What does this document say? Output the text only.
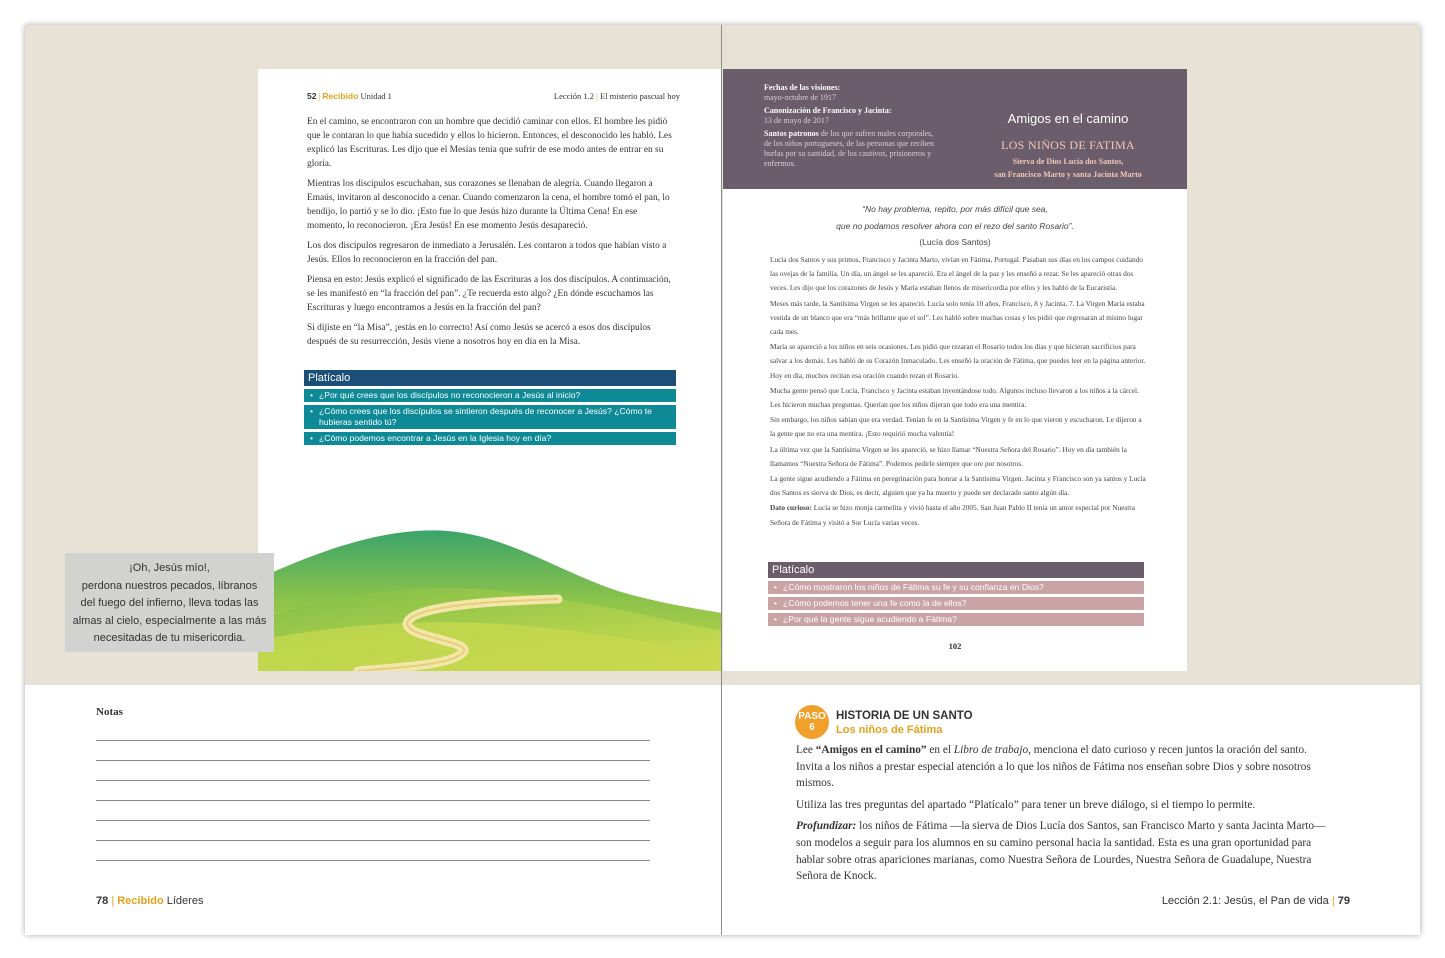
52 | Recibido Unidad 1	Lección 1.2 | El misterio pascual hoy

En el camino, se encontraron con un hombre que decidió caminar con ellos. El hombre les pidió que le contaran lo que había sucedido y ellos lo hicieron. Entonces, el desconocido les habló. Les explicó las Escrituras. Les dijo que el Mesías tenía que sufrir de ese modo antes de entrar en su gloria.

Mientras los discípulos escuchaban, sus corazones se llenaban de alegría. Cuando llegaron a Emaús, invitaron al desconocido a cenar. Cuando comenzaron la cena, el hombre tomó el pan, lo bendijo, lo partió y se lo dio. ¡Esto fue lo que Jesús hizo durante la Última Cena! En ese momento, lo reconocieron. ¡Era Jesús! En ese momento Jesús desapareció.

Los dos discípulos regresaron de inmediato a Jerusalén. Les contaron a todos que habían visto a Jesús. Ellos lo reconocieron en la fracción del pan.

Piensa en esto: Jesús explicó el significado de las Escrituras a los dos discípulos. A continuación, se les manifestó en “la fracción del pan”. ¿Te recuerda esto algo? ¿En dónde escuchamos las Escrituras y luego encontramos a Jesús en la fracción del pan?

Si dijiste en “la Misa”, ¡estás en lo correcto! Así como Jesús se acercó a esos dos discípulos después de su resurrección, Jesús viene a nosotros hoy en día en la Misa.

Platícalo
• ¿Por qué crees que los discípulos no reconocieron a Jesús al inicio?
• ¿Cómo crees que los discípulos se sintieron después de reconocer a Jesús? ¿Cómo te hubieras sentido tú?
• ¿Cómo podemos encontrar a Jesús en la Iglesia hoy en día?
¡Oh, Jesús mío!,
perdona nuestros pecados, líbranos
del fuego del infierno, lleva todas las
almas al cielo, especialmente a las más
necesitadas de tu misericordia.
Fechas de las visiones:
mayo-octubre de 1917
Canonización de Francisco y Jacinta:
13 de mayo de 2017
Santos patronos de los que sufren males corporales, de los niños portugueses, de las personas que reciben burlas por su santidad, de los cautivos, prisioneros y enfermos.
Amigos en el camino
LOS NIÑOS DE FATIMA
Sierva de Dios Lucía dos Santos,
san Francisco Marto y santa Jacinta Marto
“No hay problema, repito, por más difícil que sea,
que no podamos resolver ahora con el rezo del santo Rosario”.
(Lucía dos Santos)

Lucía dos Santos y sus primos, Francisco y Jacinta Marto, vivían en Fátima, Portugal. Pasaban sus días en los campos cuidando las ovejas de la familia. Un día, un ángel se les apareció. Era el ángel de la paz y les enseñó a rezar. Se les apareció otras dos veces. Les dijo que los corazones de Jesús y María estaban llenos de misericordia por ellos y les habló de la Eucaristía.

Meses más tarde, la Santísima Virgen se les apareció. Lucía solo tenía 10 años, Francisco, 8 y Jacinta, 7. La Virgen María estaba vestida de un blanco que era “más brillante que el sol”. Les habló sobre muchas cosas y les pidió que regresaran al mismo lugar cada mes.

María se apareció a los niños en seis ocasiones. Les pidió que rezaran el Rosario todos los días y que hicieran sacrificios para salvar a los demás. Les habló de su Corazón Inmaculado. Les enseñó la oración de Fátima, que puedes leer en la página anterior. Hoy en día, muchos recitan esa oración cuando rezan el Rosario.

Mucha gente pensó que Lucía, Francisco y Jacinta estaban inventándose todo. Algunos incluso llevaron a los niños a la cárcel. Les hicieron muchas preguntas. Querían que los niños dijeran que todo era una mentira.

Sin embargo, los niños sabían que era verdad. Tenían fe en la Santísima Virgen y fe en lo que vieron y escucharon. Le dijeron a la gente que no era una mentira. ¡Esto requirió mucha valentía!

La última vez que la Santísima Virgen se les apareció, se hizo llamar “Nuestra Señora del Rosario”. Hoy en día también la llamamos “Nuestra Señora de Fátima”. Podemos pedirle siempre que ore por nosotros.

La gente sigue acudiendo a Fátima en peregrinación para honrar a la Santísima Virgen. Jacinta y Francisco son ya santos y Lucía dos Santos es sierva de Dios, es decir, alguien que ya ha muerto y puede ser declarado santo algún día.

Dato curioso: Lucía se hizo monja carmelita y vivió hasta el año 2005. San Juan Pablo II tenía un amor especial por Nuestra Señora de Fátima y visitó a Sor Lucía varias veces.

Platícalo
• ¿Cómo mostraron los niños de Fátima su fe y su confianza en Dios?
• ¿Cómo podemos tener una fe como la de ellos?
• ¿Por qué la gente sigue acudiendo a Fátima?
102
Notas
78 | Recibido Líderes
PASO
6
HISTORIA DE UN SANTO
Los niños de Fátima

Lee “Amigos en el camino” en el Libro de trabajo, menciona el dato curioso y recen juntos la oración del santo. Invita a los niños a prestar especial atención a lo que los niños de Fátima nos enseñan sobre Dios y sobre nosotros mismos.

Utiliza las tres preguntas del apartado “Platícalo” para tener un breve diálogo, si el tiempo lo permite.

Profundizar: los niños de Fátima —la sierva de Dios Lucía dos Santos, san Francisco Marto y santa Jacinta Marto— son modelos a seguir para los alumnos en su camino personal hacia la santidad. Esta es una gran oportunidad para hablar sobre otras apariciones marianas, como Nuestra Señora de Lourdes, Nuestra Señora de Guadalupe, Nuestra Señora de Knock.

Lección 2.1: Jesús, el Pan de vida | 79
